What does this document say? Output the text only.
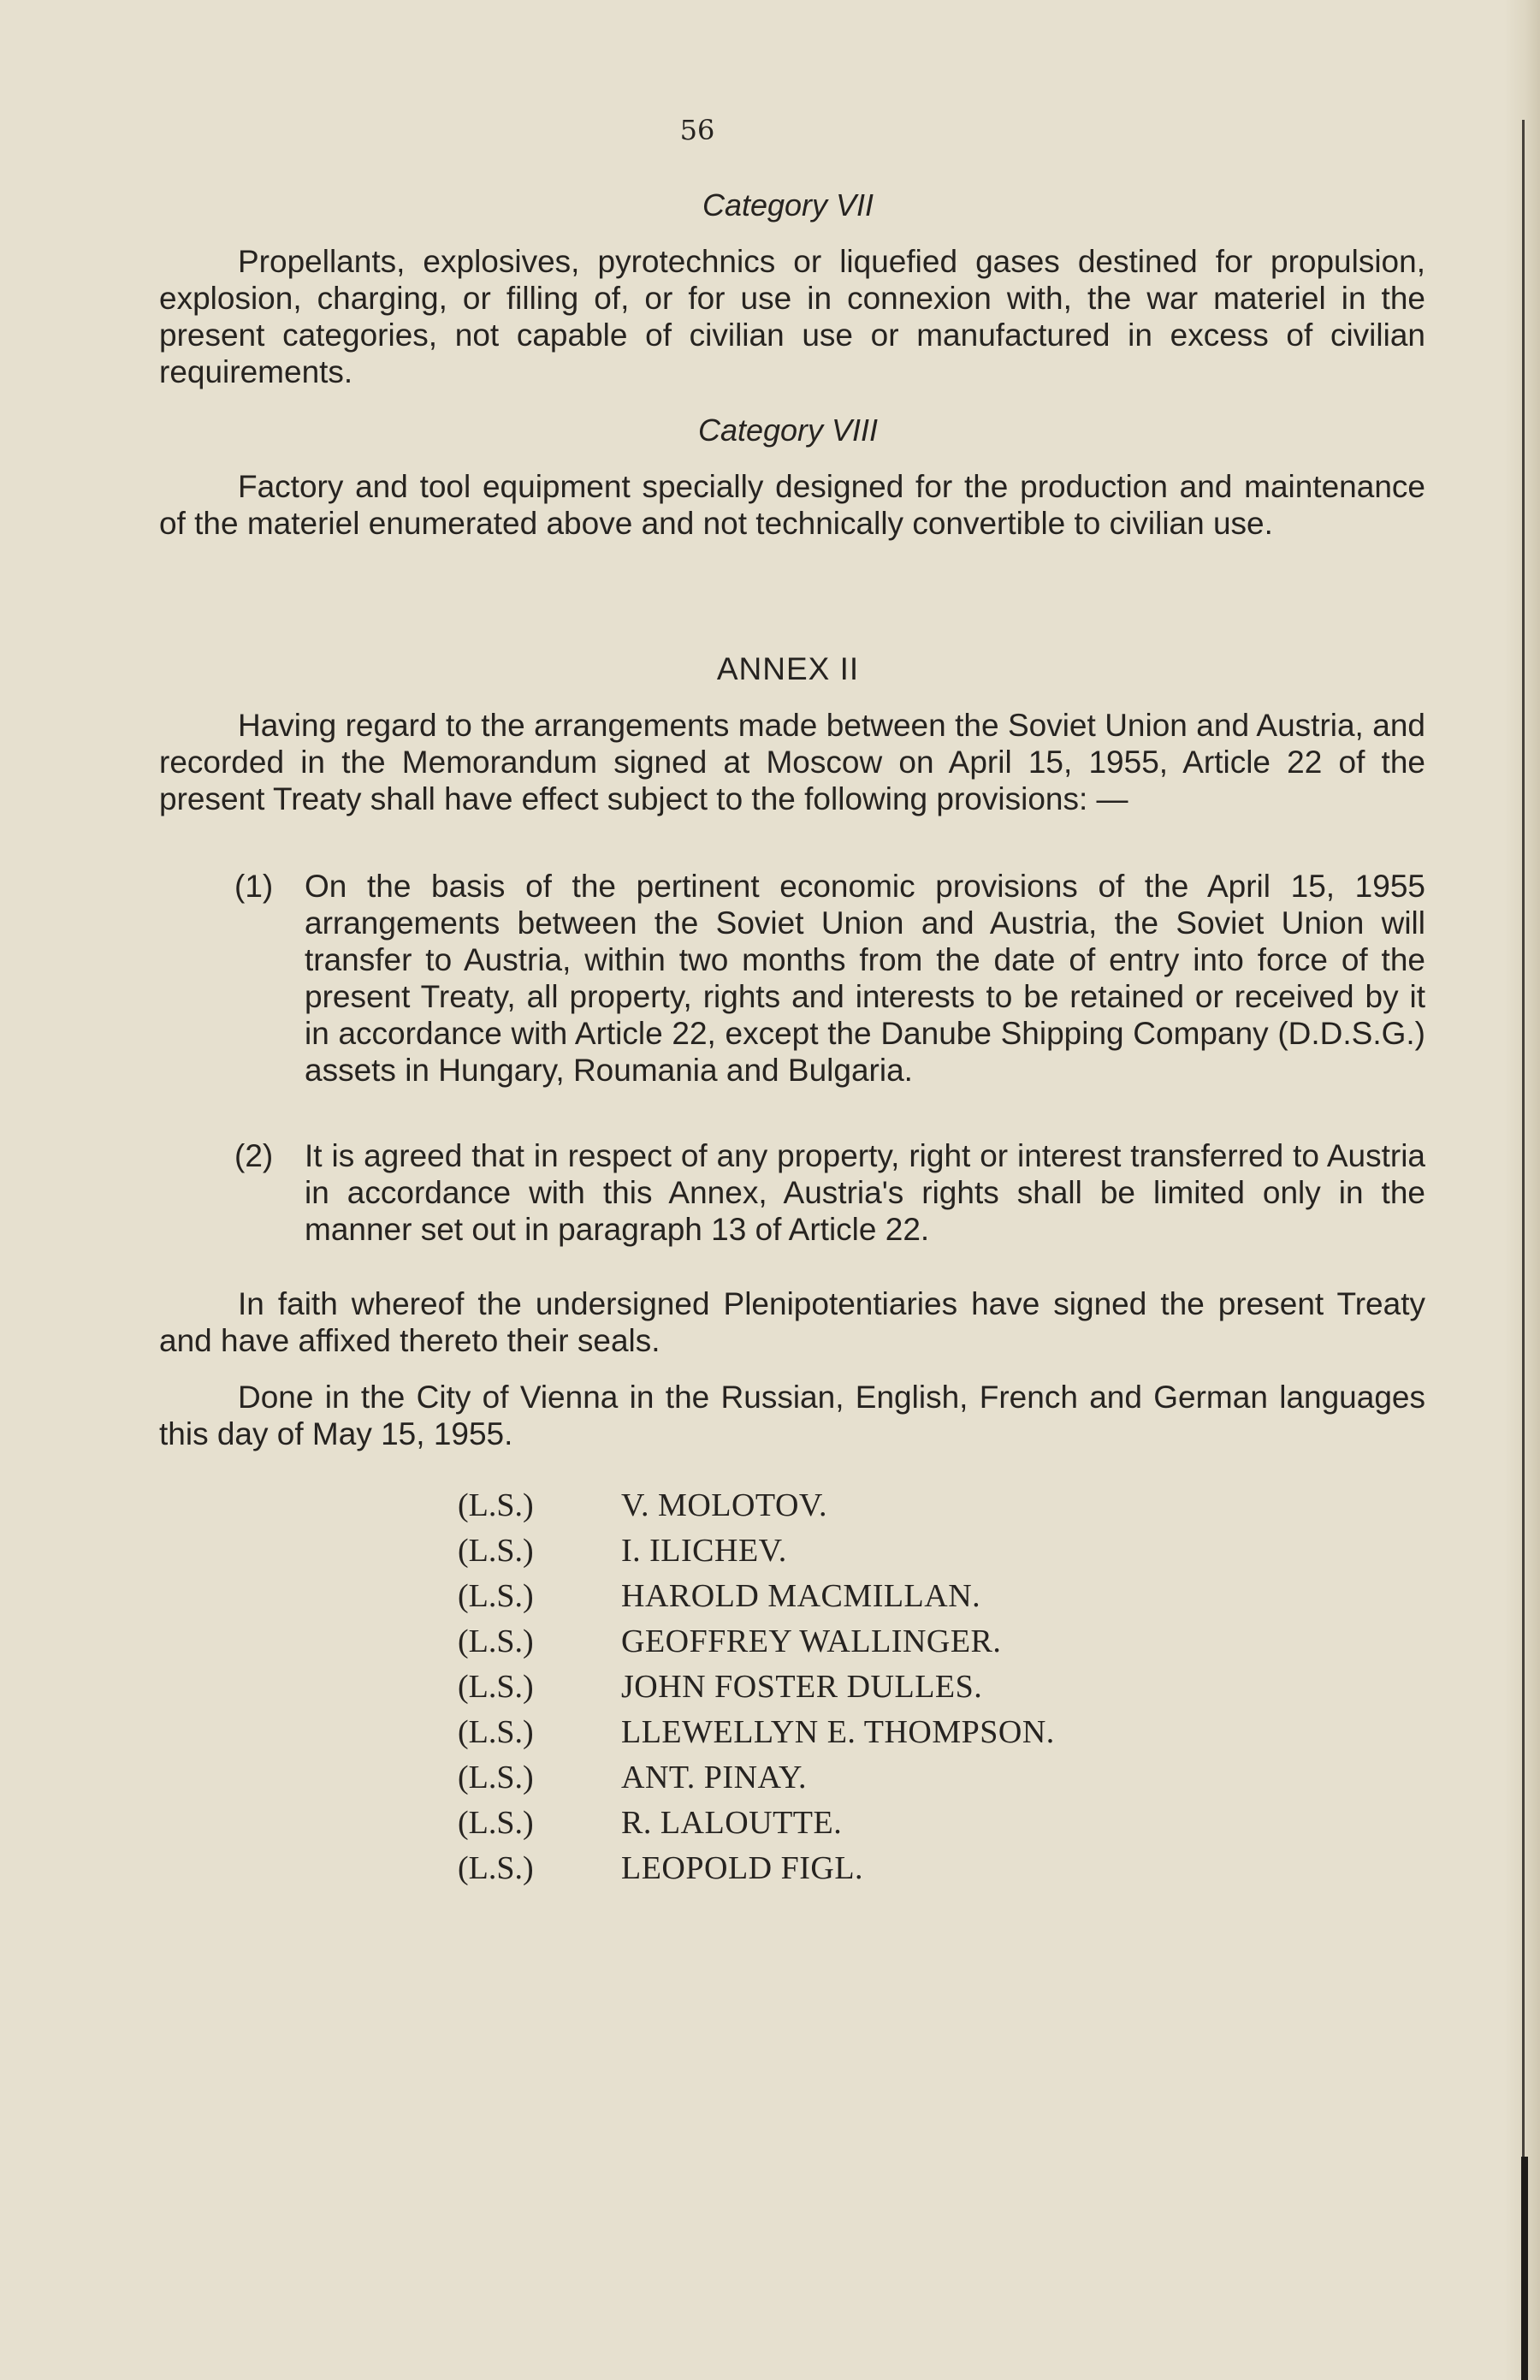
56
Category VII

Propellants, explosives, pyrotechnics or liquefied gases destined for propulsion, explosion, charging, or filling of, or for use in connexion with, the war materiel in the present categories, not capable of civilian use or manufactured in excess of civilian requirements.

Category VIII

Factory and tool equipment specially designed for the production and maintenance of the materiel enumerated above and not technically convertible to civilian use.

ANNEX II

Having regard to the arrangements made between the Soviet Union and Austria, and recorded in the Memorandum signed at Moscow on April 15, 1955, Article 22 of the present Treaty shall have effect subject to the following provisions: —

(1) On the basis of the pertinent economic provisions of the April 15, 1955 arrangements between the Soviet Union and Austria, the Soviet Union will transfer to Austria, within two months from the date of entry into force of the present Treaty, all property, rights and interests to be retained or received by it in accordance with Article 22, except the Danube Shipping Company (D.D.S.G.) assets in Hungary, Roumania and Bulgaria.

(2) It is agreed that in respect of any property, right or interest transferred to Austria in accordance with this Annex, Austria's rights shall be limited only in the manner set out in paragraph 13 of Article 22.

In faith whereof the undersigned Plenipotentiaries have signed the present Treaty and have affixed thereto their seals.

Done in the City of Vienna in the Russian, English, French and German languages this day of May 15, 1955.

(L.S.)	V. MOLOTOV.
(L.S.)	I. ILICHEV.
(L.S.)	HAROLD MACMILLAN.
(L.S.)	GEOFFREY WALLINGER.
(L.S.)	JOHN FOSTER DULLES.
(L.S.)	LLEWELLYN E. THOMPSON.
(L.S.)	ANT. PINAY.
(L.S.)	R. LALOUTTE.
(L.S.)	LEOPOLD FIGL.
